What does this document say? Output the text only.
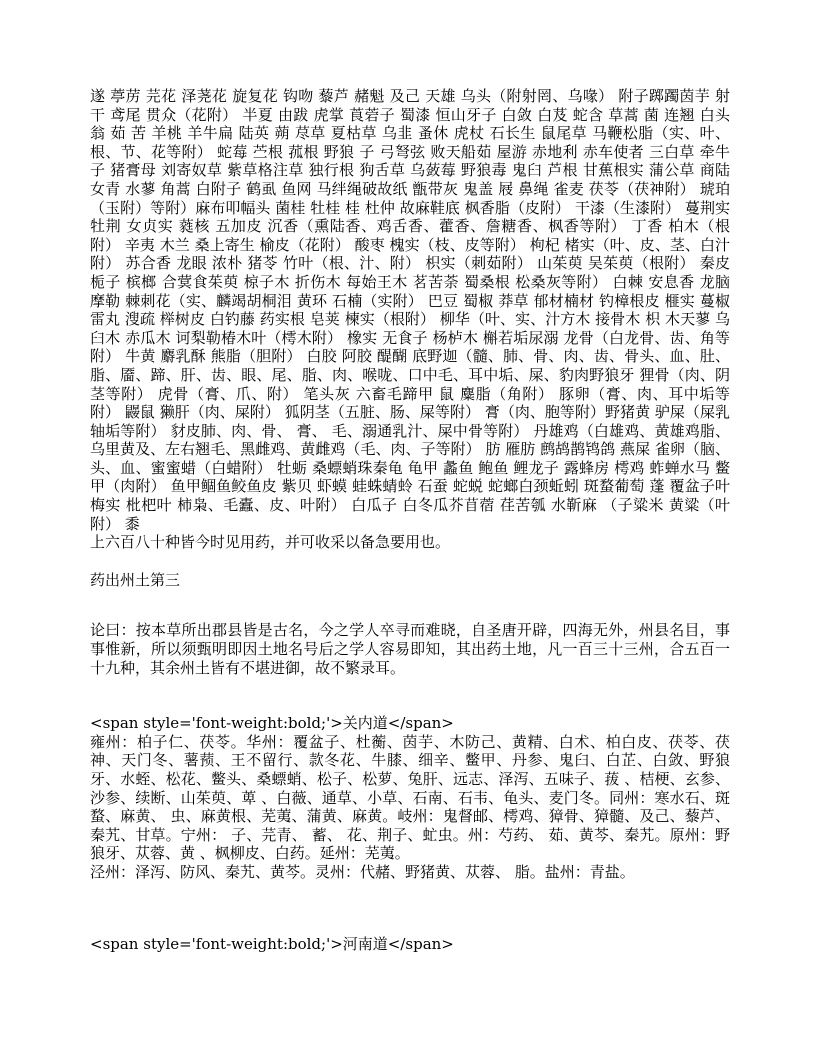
遂 葶苈 芫花 泽荛花 旋复花 钩吻 藜芦 赭魁 及己 天雄 乌头（附射罔、乌喙） 附子踯躅茵芋 射干 鸢尾 贯众（花附） 半夏 由跋 虎掌 莨菪子 蜀漆 恒山牙子 白敛 白芨 蛇含 草蒿 菌 连翘 白头翁 茹 苦 羊桃 羊牛扁 陆英 蒴 荩草 夏枯草 乌韭 蚤休 虎杖 石长生 鼠尾草 马鞭松脂（实、叶、根、节、花等附） 蛇莓 苎根 菰根 野狼 子 弓弩弦 败天船茹 屋游 赤地利 赤车使者 三白草 牵牛子 猪膏母 刘寄奴草 紫草格注草 独行根 狗舌草 乌蔹莓 野狼毒 鬼臼 芦根 甘蕉根实 蒲公草 商陆 女青 水蓼 角蒿 白附子 鹤虱 鱼网 马绊绳破故纸 甑带灰 鬼盖 屐 鼻绳 雀麦 茯苓（茯神附） 琥珀（玉附）等附）麻布叩幅头 菌桂 牡桂 桂 杜仲 故麻鞋底 枫香脂（皮附） 干漆（生漆附） 蔓荆实牡荆 女贞实 蕤核 五加皮 沉香（熏陆香、鸡舌香、藿香、詹糖香、枫香等附） 丁香 柏木（根附） 辛夷 木兰 桑上寄生 榆皮（花附） 酸枣 槐实（枝、皮等附） 枸杞 楮实（叶、皮、茎、白汁附） 苏合香 龙眼 浓朴 猪苓 竹叶（根、汁、附） 枳实（刺茹附） 山茱萸 吴茱萸（根附） 秦皮 栀子 槟榔 合蓂食茱萸 椋子木 折伤木 每始王木 茗苦荼 蜀桑根 松桑灰等附） 白棘 安息香 龙脑 摩勒 棘刺花（实、麟竭胡桐泪 黄环 石楠（实附） 巴豆 蜀椒 莽草 郁材楠材 钓樟根皮 榧实 蔓椒 雷丸 溲疏 榉树皮 白钓藤 药实根 皂荚 楝实（根附） 柳华（叶、实、汁方木 接骨木 枳 木天蓼 乌臼木 赤瓜木 诃梨勒椿木叶（樗木附） 橡实 无食子 杨栌木 槲若垢尿溺 龙骨（白龙骨、齿、角等附） 牛黄 麝乳酥 熊脂（胆附） 白胶 阿胶 醍醐 底野迦（髓、肺、骨、肉、齿、骨头、血、肚、脂、靥、蹄、肝、齿、眼、尾、脂、肉、喉咙、口中毛、耳中垢、屎、豹肉野狼牙 狸骨（肉、阴茎等附） 虎骨（膏、爪、附） 笔头灰 六畜毛蹄甲 鼠 麋脂（角附） 豚卵（膏、肉、耳中垢等附） 鼹鼠 獭肝（肉、屎附） 狐阴茎（五脏、肠、屎等附） 膏（肉、胞等附）野猪黄 驴屎（屎乳轴垢等附） 豺皮肺、肉、骨、 膏、 毛、溺通乳汁、屎中骨等附） 丹雄鸡（白雄鸡、黄雄鸡脂、乌里黄及、左右翘毛、黑雌鸡、黄雌鸡（毛、肉、子等附） 肪 雁肪 鹧鸪鹊鸨鸽 燕屎 雀卵（脑、头、血、蜜蜜蜡（白蜡附） 牡蛎 桑螵蛸珠秦龟 龟甲 蠡鱼 鲍鱼 鲤龙子 露蜂房 樗鸡 蚱蝉水马 鳖甲（肉附） 鱼甲鲴鱼鲛鱼皮 紫贝 虾蟆 蛙蛛蜻蛉 石蚕 蛇蜕 蛇螂白颈蚯蚓 斑蝥葡萄 蓬 覆盆子叶梅实 枇杷叶 柿枭、毛蠹、皮、叶附） 白瓜子 白冬瓜芥苜蓿 荏苦瓠 水靳麻 （子粱米 黄粱（叶附） 黍
上六百八十种皆今时见用药，并可收采以备急要用也。
药出州土第三
论曰：按本草所出郡县皆是古名，今之学人卒寻而难晓，自圣唐开辟，四海无外，州县名目，事事惟新，所以须甄明即因土地名号后之学人容易即知，其出药土地，凡一百三十三州，合五百一十九种，其余州土皆有不堪进御，故不繁录耳。
<span style='font-weight:bold;'>关内道</span>
雍州：柏子仁、茯苓。华州：覆盆子、杜蘅、茵芋、木防己、黄精、白术、柏白皮、茯苓、茯神、天门冬、薯蓣、王不留行、款冬花、牛膝、细辛、鳖甲、丹参、鬼臼、白芷、白敛、野狼牙、水蛭、松花、鳖头、桑螵蛸、松子、松萝、兔肝、远志、泽泻、五味子、菝 、桔梗、玄参、沙参、续断、山茱萸、萆 、白薇、通草、小草、石南、石韦、龟头、麦门冬。同州：寒水石、斑蝥、麻黄、 虫、麻黄根、芜荑、蒲黄、麻黄。岐州：鬼督邮、樗鸡、獐骨、獐髓、及己、藜芦、秦艽、甘草。宁州： 子、芫青、 蓄、 花、荆子、虻虫。州：芍药、 茹、黄芩、秦艽。原州：野狼牙、苁蓉、黄 、枫柳皮、白药。延州：芜荑。
泾州：泽泻、防风、秦艽、黄芩。灵州：代赭、野猪黄、苁蓉、 脂。盐州：青盐。
<span style='font-weight:bold;'>河南道</span>
